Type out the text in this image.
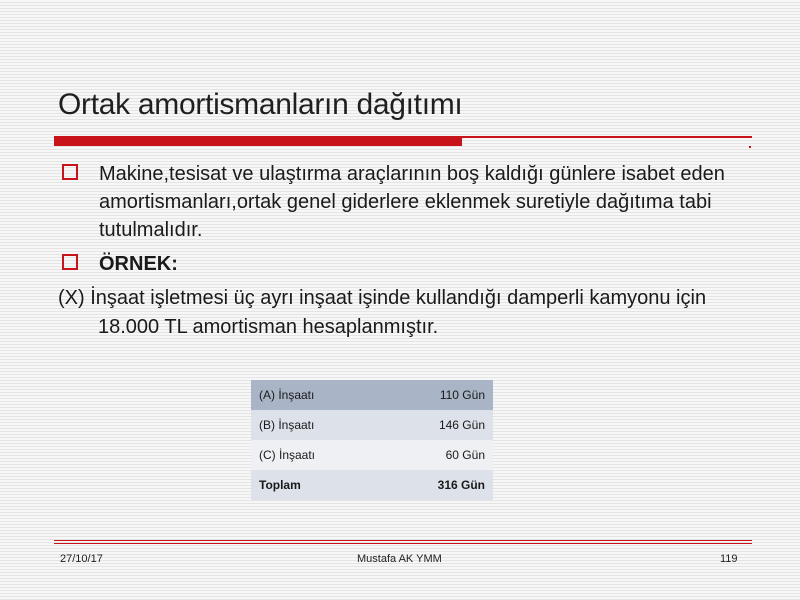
Ortak amortismanların dağıtımı
Makine,tesisat ve ulaştırma araçlarının boş kaldığı günlere isabet eden amortismanları,ortak genel giderlere eklenmek suretiyle dağıtıma tabi tutulmalıdır.
ÖRNEK:
(X) İnşaat işletmesi üç ayrı inşaat işinde kullandığı damperli kamyonu için 18.000 TL amortisman hesaplanmıştır.
(A) İnşaatı	110 Gün
(B) İnşaatı	146 Gün
(C) İnşaatı	60 Gün
Toplam	316 Gün
27/10/17	Mustafa AK YMM	119
